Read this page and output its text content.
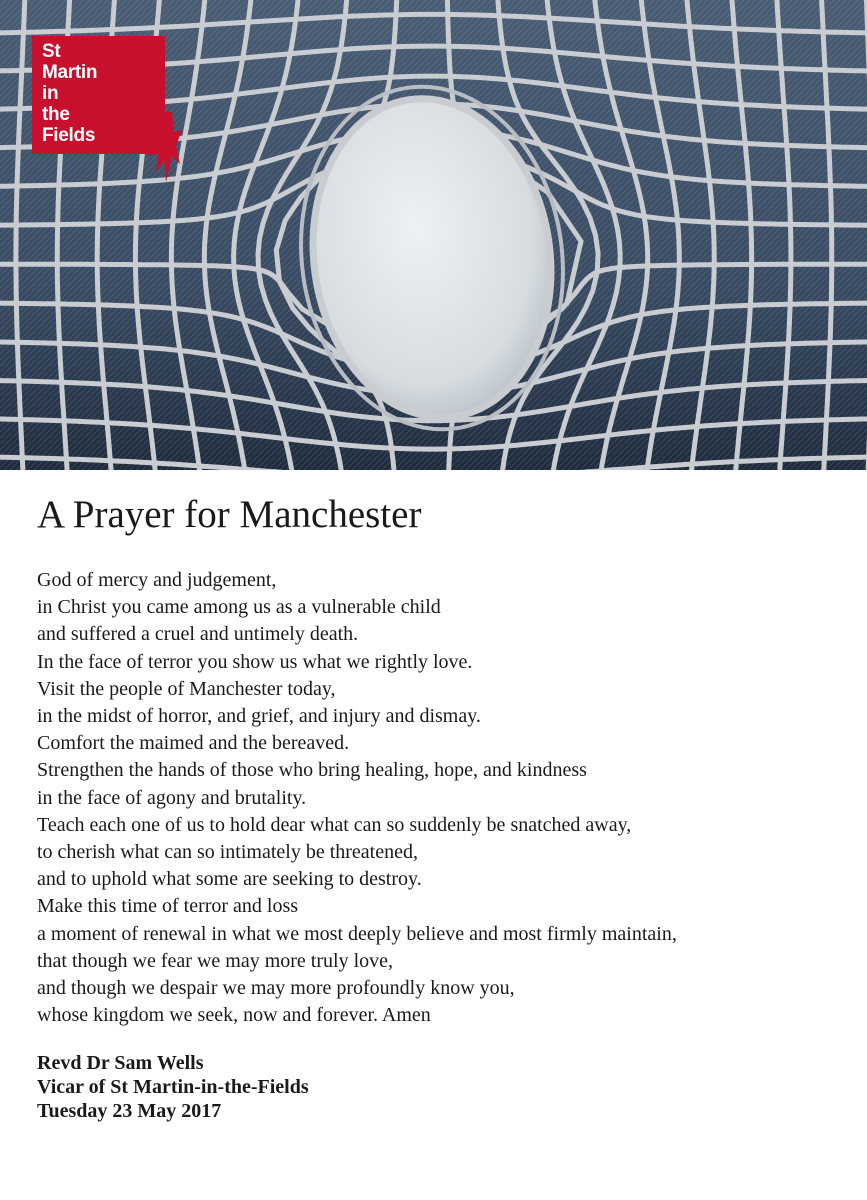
St
Martin
in
the
Fields
A Prayer for Manchester
God of mercy and judgement,
in Christ you came among us as a vulnerable child
and suffered a cruel and untimely death.
In the face of terror you show us what we rightly love.
Visit the people of Manchester today,
in the midst of horror, and grief, and injury and dismay.
Comfort the maimed and the bereaved.
Strengthen the hands of those who bring healing, hope, and kindness
in the face of agony and brutality.
Teach each one of us to hold dear what can so suddenly be snatched away,
to cherish what can so intimately be threatened,
and to uphold what some are seeking to destroy.
Make this time of terror and loss
a moment of renewal in what we most deeply believe and most firmly maintain,
that though we fear we may more truly love,
and though we despair we may more profoundly know you,
whose kingdom we seek, now and forever. Amen
Revd Dr Sam Wells
Vicar of St Martin-in-the-Fields
Tuesday 23 May 2017
